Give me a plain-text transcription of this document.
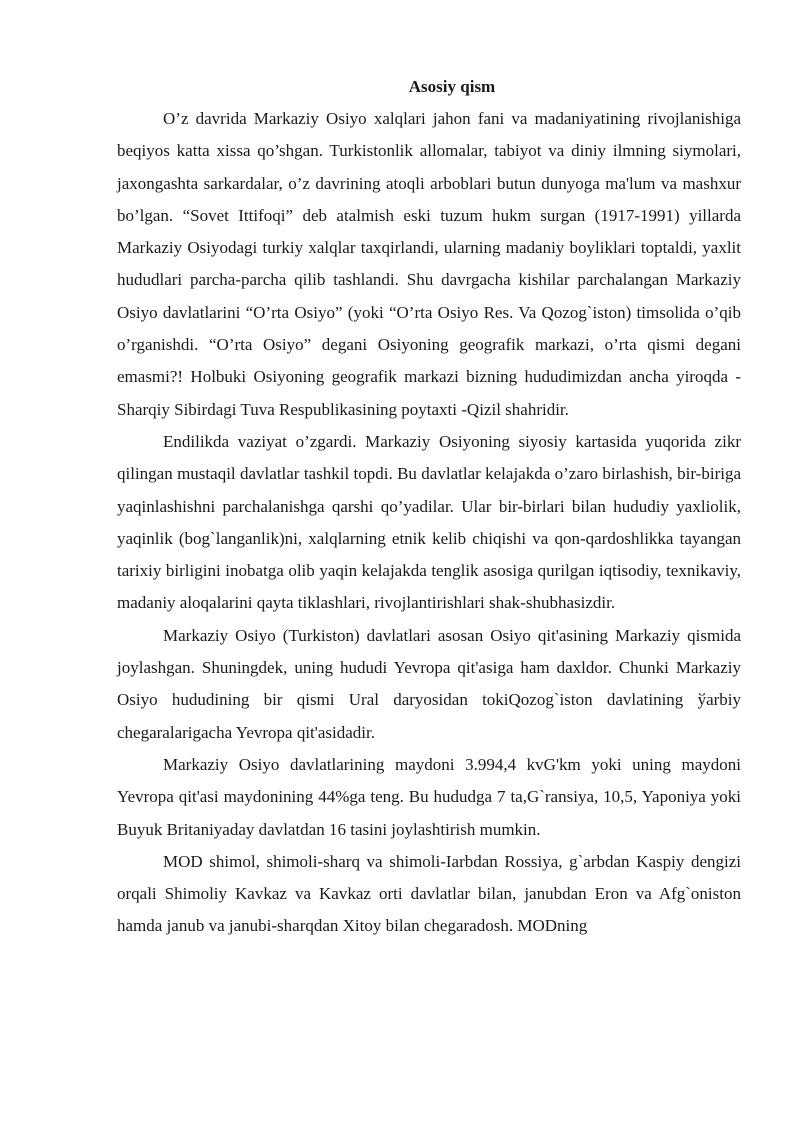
Asosiy qism

O’z davrida Markaziy Osiyo xalqlari jahon fani va madaniyatining rivojlanishiga beqiyos katta xissa qo’shgan. Turkistonlik allomalar, tabiyot va diniy ilmning siymolari, jaxongashta sarkardalar, o’z davrining atoqli arboblari butun dunyoga ma'lum va mashxur bo’lgan. “Sovet Ittifoqi” deb atalmish eski tuzum hukm surgan (1917-1991) yillarda Markaziy Osiyodagi turkiy xalqlar taxqirlandi, ularning madaniy boyliklari toptaldi, yaxlit hududlari parcha-parcha qilib tashlandi. Shu davrgacha kishilar parchalangan Markaziy Osiyo davlatlarini “O’rta Osiyo” (yoki “O’rta Osiyo Res. Va Qozog`iston) timsolida o’qib o’rganishdi. “O’rta Osiyo” degani Osiyoning geografik markazi, o’rta qismi degani emasmi?! Holbuki Osiyoning geografik markazi bizning hududimizdan ancha yiroqda - Sharqiy Sibirdagi Tuva Respublikasining poytaxti -Qizil shahridir.

Endilikda vaziyat o’zgardi. Markaziy Osiyoning siyosiy kartasida yuqorida zikr qilingan mustaqil davlatlar tashkil topdi. Bu davlatlar kelajakda o’zaro birlashish, bir-biriga yaqinlashishni parchalanishga qarshi qo’yadilar. Ular bir-birlari bilan hududiy yaxliolik, yaqinlik (bog`langanlik)ni, xalqlarning etnik kelib chiqishi va qon-qardoshlikka tayangan tarixiy birligini inobatga olib yaqin kelajakda tenglik asosiga qurilgan iqtisodiy, texnikaviy, madaniy aloqalarini qayta tiklashlari, rivojlantirishlari shak-shubhasizdir.

Markaziy Osiyo (Turkiston) davlatlari asosan Osiyo qit'asining Markaziy qismida joylashgan. Shuningdek, uning hududi Yevropa qit'asiga ham daxldor. Chunki Markaziy Osiyo hududining bir qismi Ural daryosidan tokiQozog`iston davlatining ўarbiy chegaralarigacha Yevropa qit'asidadir.

Markaziy Osiyo davlatlarining maydoni 3.994,4 kvG'km yoki uning maydoni Yevropa qit'asi maydonining 44%ga teng. Bu hududga 7 ta,G`ransiya, 10,5, Yaponiya yoki Buyuk Britaniyaday davlatdan 16 tasini joylashtirish mumkin.

MOD shimol, shimoli-sharq va shimoli-Iarbdan Rossiya, g`arbdan Kaspiy dengizi orqali Shimoliy Kavkaz va Kavkaz orti davlatlar bilan, janubdan Eron va Afg`oniston hamda janub va janubi-sharqdan Xitoy bilan chegaradosh. MODning
